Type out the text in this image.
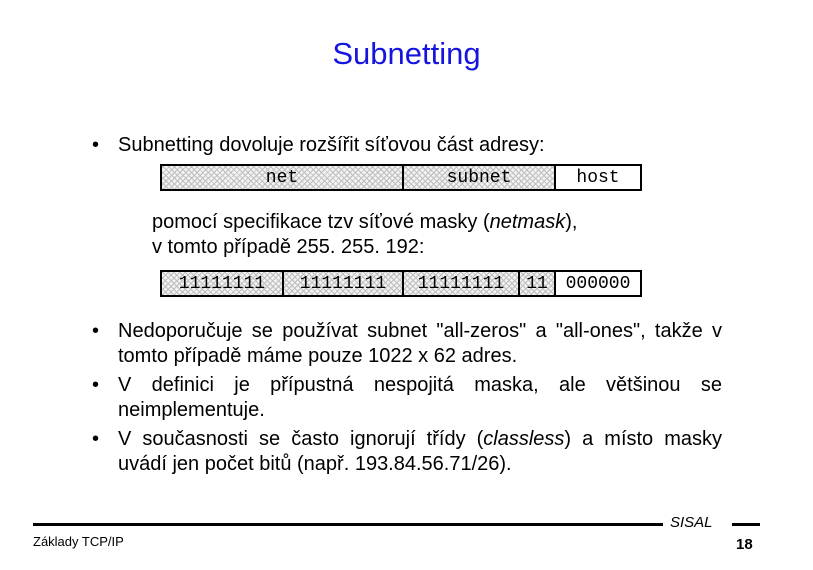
Subnetting
• Subnetting dovoluje rozšířit síťovou část adresy:
net	subnet	host
pomocí specifikace tzv síťové masky (netmask),
v tomto případě 255. 255. 192:
11111111 11111111 11111111 11 000000
• Nedoporučuje se používat subnet "all-zeros" a "all-ones", takže v tomto případě máme pouze 1022 x 62 adres.
• V definici je přípustná nespojitá maska, ale většinou se neimplementuje.
• V současnosti se často ignorují třídy (classless) a místo masky uvádí jen počet bitů (např. 193.84.56.71/26).
SISAL
Základy TCP/IP	18
